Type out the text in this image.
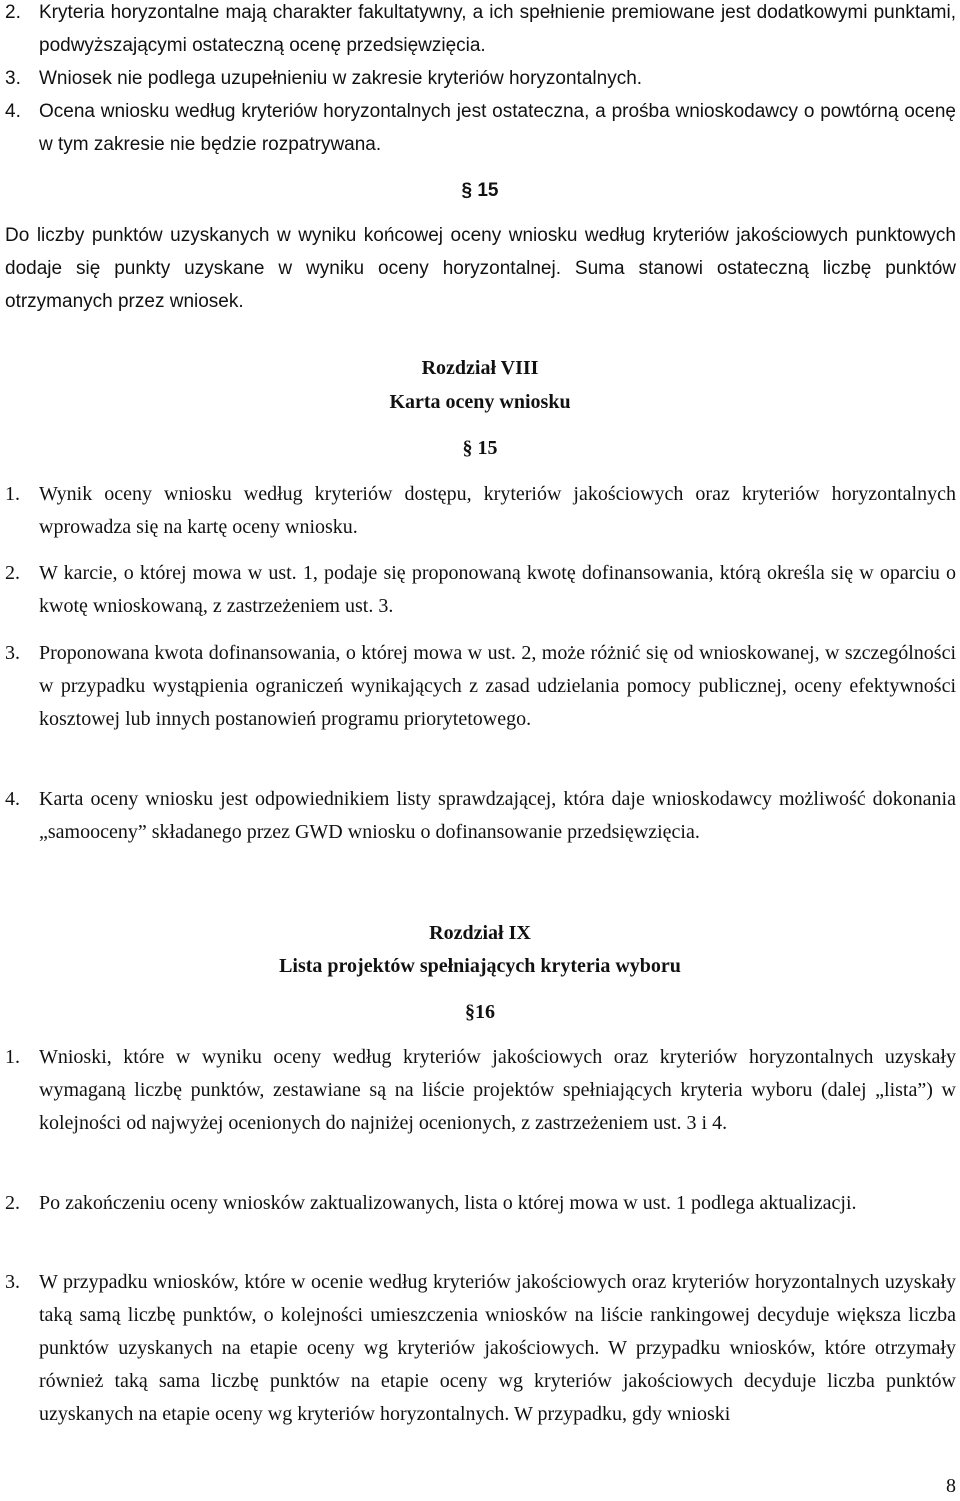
2. Kryteria horyzontalne mają charakter fakultatywny, a ich spełnienie premiowane jest dodatkowymi punktami, podwyższającymi ostateczną ocenę przedsięwzięcia.
3. Wniosek nie podlega uzupełnieniu w zakresie kryteriów horyzontalnych.
4. Ocena wniosku według kryteriów horyzontalnych jest ostateczna, a prośba wnioskodawcy o powtórną ocenę w tym zakresie nie będzie rozpatrywana.
§ 15
Do liczby punktów uzyskanych w wyniku końcowej oceny wniosku według kryteriów jakościowych punktowych dodaje się punkty uzyskane w wyniku oceny horyzontalnej. Suma stanowi ostateczną liczbę punktów otrzymanych przez wniosek.
Rozdział VIII
Karta oceny wniosku
§ 15
1. Wynik oceny wniosku według kryteriów dostępu, kryteriów jakościowych oraz kryteriów horyzontalnych wprowadza się na kartę oceny wniosku.
2. W karcie, o której mowa w ust. 1, podaje się proponowaną kwotę dofinansowania, którą określa się w oparciu o kwotę wnioskowaną, z zastrzeżeniem ust. 3.
3. Proponowana kwota dofinansowania, o której mowa w ust. 2, może różnić się od wnioskowanej, w szczególności w przypadku wystąpienia ograniczeń wynikających z zasad udzielania pomocy publicznej, oceny efektywności kosztowej lub innych postanowień programu priorytetowego.
4. Karta oceny wniosku jest odpowiednikiem listy sprawdzającej, która daje wnioskodawcy możliwość dokonania „samooceny” składanego przez GWD wniosku o dofinansowanie przedsięwzięcia.
Rozdział IX
Lista projektów spełniających kryteria wyboru
§16
1. Wnioski, które w wyniku oceny według kryteriów jakościowych oraz kryteriów horyzontalnych uzyskały wymaganą liczbę punktów, zestawiane są na liście projektów spełniających kryteria wyboru (dalej „lista”) w kolejności od najwyżej ocenionych do najniżej ocenionych, z zastrzeżeniem ust. 3 i 4.
2. Po zakończeniu oceny wniosków zaktualizowanych, lista o której mowa w ust. 1 podlega aktualizacji.
3. W przypadku wniosków, które w ocenie według kryteriów jakościowych oraz kryteriów horyzontalnych uzyskały taką samą liczbę punktów, o kolejności umieszczenia wniosków na liście rankingowej decyduje większa liczba punktów uzyskanych na etapie oceny wg kryteriów jakościowych. W przypadku wniosków, które otrzymały również taką sama liczbę punktów na etapie oceny wg kryteriów jakościowych decyduje liczba punktów uzyskanych na etapie oceny wg kryteriów horyzontalnych. W przypadku, gdy wnioski
8
